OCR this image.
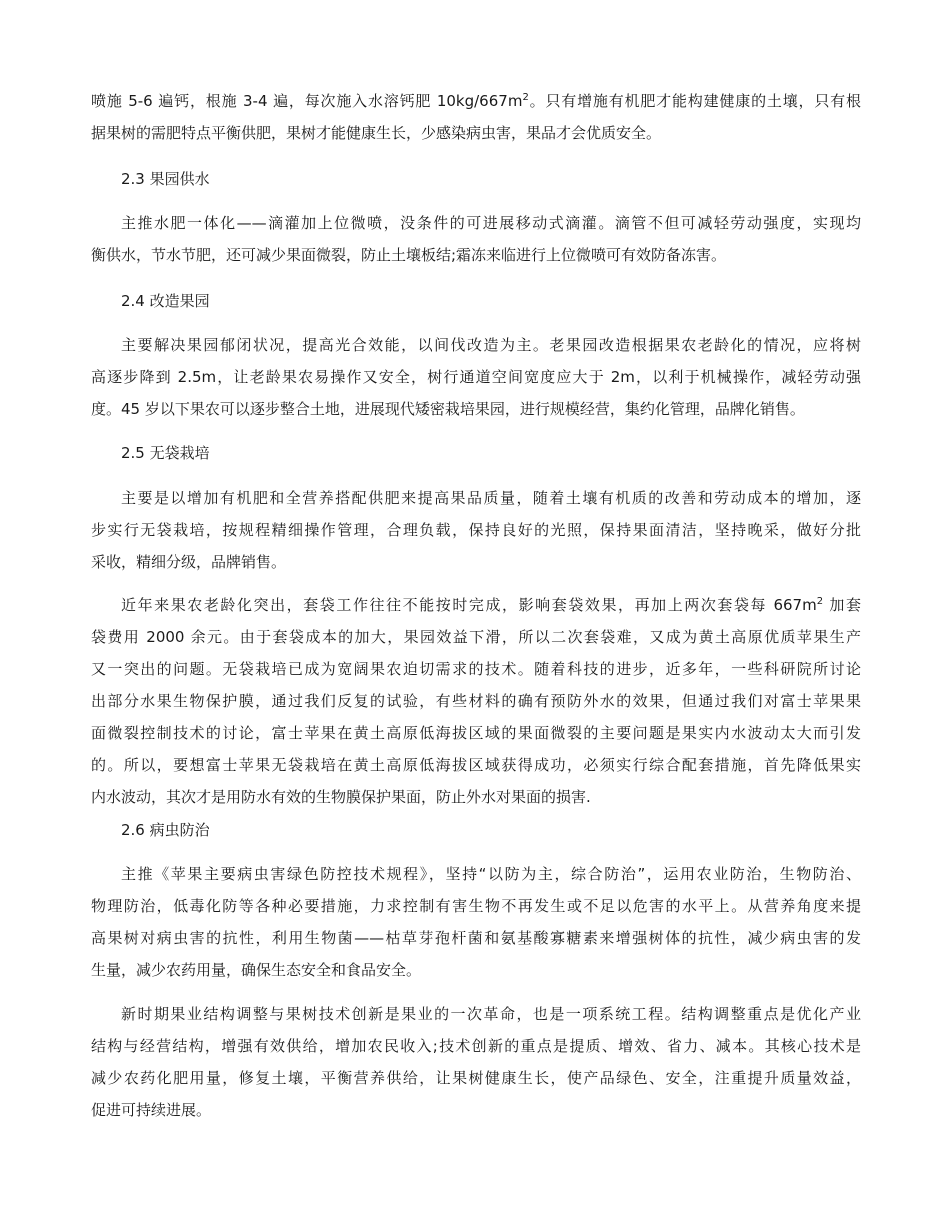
喷施 5-6 遍钙，根施 3-4 遍，每次施入水溶钙肥 $10kg/667m^2$。只有增施有机肥才能构建健康的土壤，只有根
据果树的需肥特点平衡供肥，果树才能健康生长，少感染病虫害，果品才会优质安全。

2.3 果园供水

主推水肥一体化——滴灌加上位微喷，没条件的可进展移动式滴灌。滴管不但可减轻劳动强度，实现均
衡供水，节水节肥，还可减少果面微裂，防止土壤板结;霜冻来临进行上位微喷可有效防备冻害。

2.4 改造果园

主要解决果园郁闭状况，提高光合效能，以间伐改造为主。老果园改造根据果农老龄化的情况，应将树
高逐步降到 2.5m，让老龄果农易操作又安全，树行通道空间宽度应大于 2m，以利于机械操作，减轻劳动强
度。45 岁以下果农可以逐步整合土地，进展现代矮密栽培果园，进行规模经营，集约化管理，品牌化销售。

2.5 无袋栽培

主要是以增加有机肥和全营养搭配供肥来提高果品质量，随着土壤有机质的改善和劳动成本的增加，逐
步实行无袋栽培，按规程精细操作管理，合理负载，保持良好的光照，保持果面清洁，坚持晚采，做好分批
采收，精细分级，品牌销售。

近年来果农老龄化突出，套袋工作往往不能按时完成，影响套袋效果，再加上两次套袋每 $667m^2$ 加套
袋费用 2000 余元。由于套袋成本的加大，果园效益下滑，所以二次套袋难，又成为黄土高原优质苹果生产
又一突出的问题。无袋栽培已成为宽阔果农迫切需求的技术。随着科技的进步，近多年，一些科研院所讨论
出部分水果生物保护膜，通过我们反复的试验，有些材料的确有预防外水的效果，但通过我们对富士苹果果
面微裂控制技术的讨论，富士苹果在黄土高原低海拔区域的果面微裂的主要问题是果实内水波动太大而引发
的。所以，要想富士苹果无袋栽培在黄土高原低海拔区域获得成功，必须实行综合配套措施，首先降低果实
内水波动，其次才是用防水有效的生物膜保护果面，防止外水对果面的损害.

2.6 病虫防治

主推《苹果主要病虫害绿色防控技术规程》，坚持“以防为主，综合防治”，运用农业防治，生物防治、
物理防治，低毒化防等各种必要措施，力求控制有害生物不再发生或不足以危害的水平上。从营养角度来提
高果树对病虫害的抗性，利用生物菌——枯草芽孢杆菌和氨基酸寡糖素来增强树体的抗性，减少病虫害的发
生量，减少农药用量，确保生态安全和食品安全。

新时期果业结构调整与果树技术创新是果业的一次革命，也是一项系统工程。结构调整重点是优化产业
结构与经营结构，增强有效供给，增加农民收入;技术创新的重点是提质、增效、省力、减本。其核心技术是
减少农药化肥用量，修复土壤，平衡营养供给，让果树健康生长，使产品绿色、安全，注重提升质量效益，
促进可持续进展。
